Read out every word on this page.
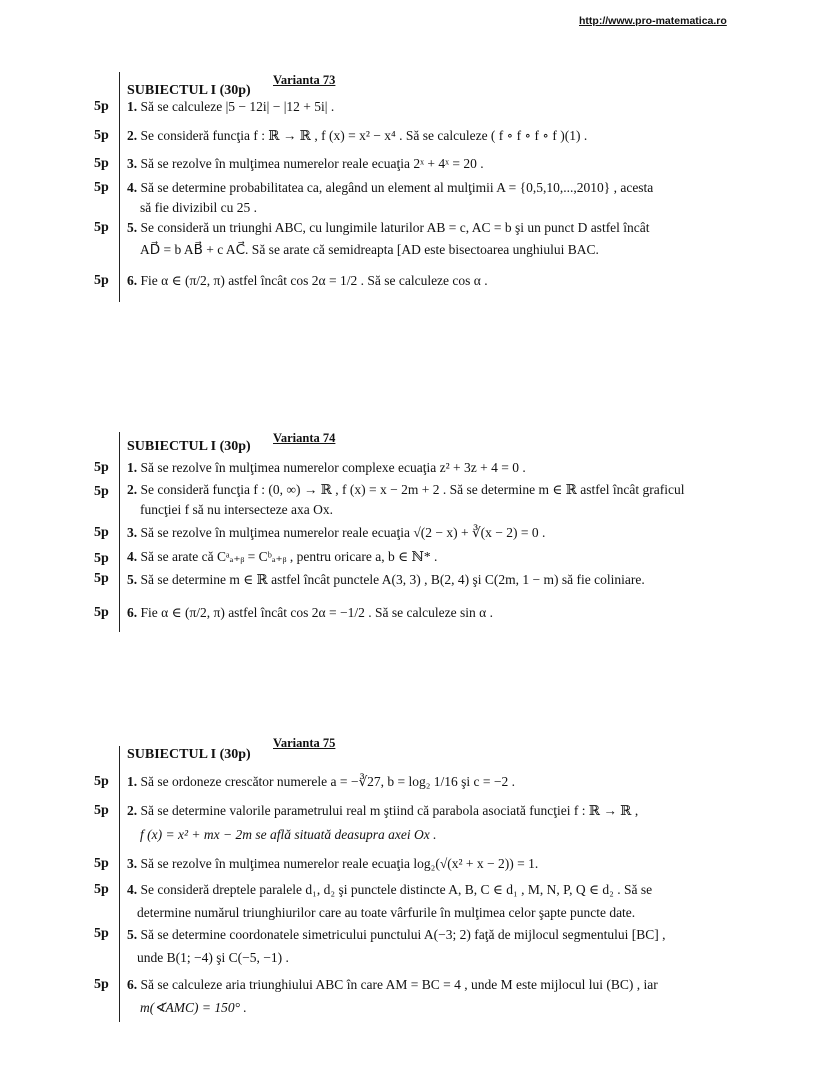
http://www.pro-matematica.ro
Varianta 73
SUBIECTUL I (30p)
5p 1. Să se calculeze |5 − 12i| − |12 + 5i| .
5p 2. Se consideră funcţia f : ℝ → ℝ , f (x) = x² − x⁴ . Să se calculeze ( f ∘ f ∘ f ∘ f )(1) .
5p 3. Să se rezolve în mulţimea numerelor reale ecuaţia 2ˣ + 4ˣ = 20 .
5p 4. Să se determine probabilitatea ca, alegând un element al mulţimii A = {0,5,10,...,2010} , acesta
să fie divizibil cu 25 .
5p 5. Se consideră un triunghi ABC, cu lungimile laturilor AB = c, AC = b şi un punct D astfel încât
AD⃗ = b AB⃗ + c AC⃗. Să se arate că semidreapta [AD este bisectoarea unghiului BAC.
5p 6. Fie α ∈ (π/2, π) astfel încât cos 2α = 1/2 . Să se calculeze cos α .
Varianta 74
SUBIECTUL I (30p)
5p 1. Să se rezolve în mulţimea numerelor complexe ecuaţia z² + 3z + 4 = 0 .
5p 2. Se consideră funcţia f : (0, ∞) → ℝ , f (x) = x − 2m + 2 . Să se determine m ∈ ℝ astfel încât graficul
funcţiei f să nu intersecteze axa Ox.
5p 3. Să se rezolve în mulţimea numerelor reale ecuaţia √(2 − x) + ∛(x − 2) = 0 .
5p 4. Să se arate că Cᵃₐ₊ᵦ = Cᵇₐ₊ᵦ , pentru oricare a, b ∈ ℕ* .
5p 5. Să se determine m ∈ ℝ astfel încât punctele A(3, 3) , B(2, 4) şi C(2m, 1 − m) să fie coliniare.
5p 6. Fie α ∈ (π/2, π) astfel încât cos 2α = −1/2 . Să se calculeze sin α .
Varianta 75
SUBIECTUL I (30p)
5p 1. Să se ordoneze crescător numerele a = −∛27, b = log₂ 1/16 şi c = −2 .
5p 2. Să se determine valorile parametrului real m ştiind că parabola asociată funcţiei f : ℝ → ℝ ,
f (x) = x² + mx − 2m se află situată deasupra axei Ox .
5p 3. Să se rezolve în mulţimea numerelor reale ecuaţia log₂(√(x² + x − 2)) = 1.
5p 4. Se consideră dreptele paralele d₁, d₂ şi punctele distincte A, B, C ∈ d₁ , M, N, P, Q ∈ d₂ . Să se
determine numărul triunghiurilor care au toate vârfurile în mulţimea celor şapte puncte date.
5p 5. Să se determine coordonatele simetricului punctului A(−3; 2) faţă de mijlocul segmentului [BC] ,
unde B(1; −4) şi C(−5, −1) .
5p 6. Să se calculeze aria triunghiului ABC în care AM = BC = 4 , unde M este mijlocul lui (BC) , iar
m(∢AMC) = 150° .
